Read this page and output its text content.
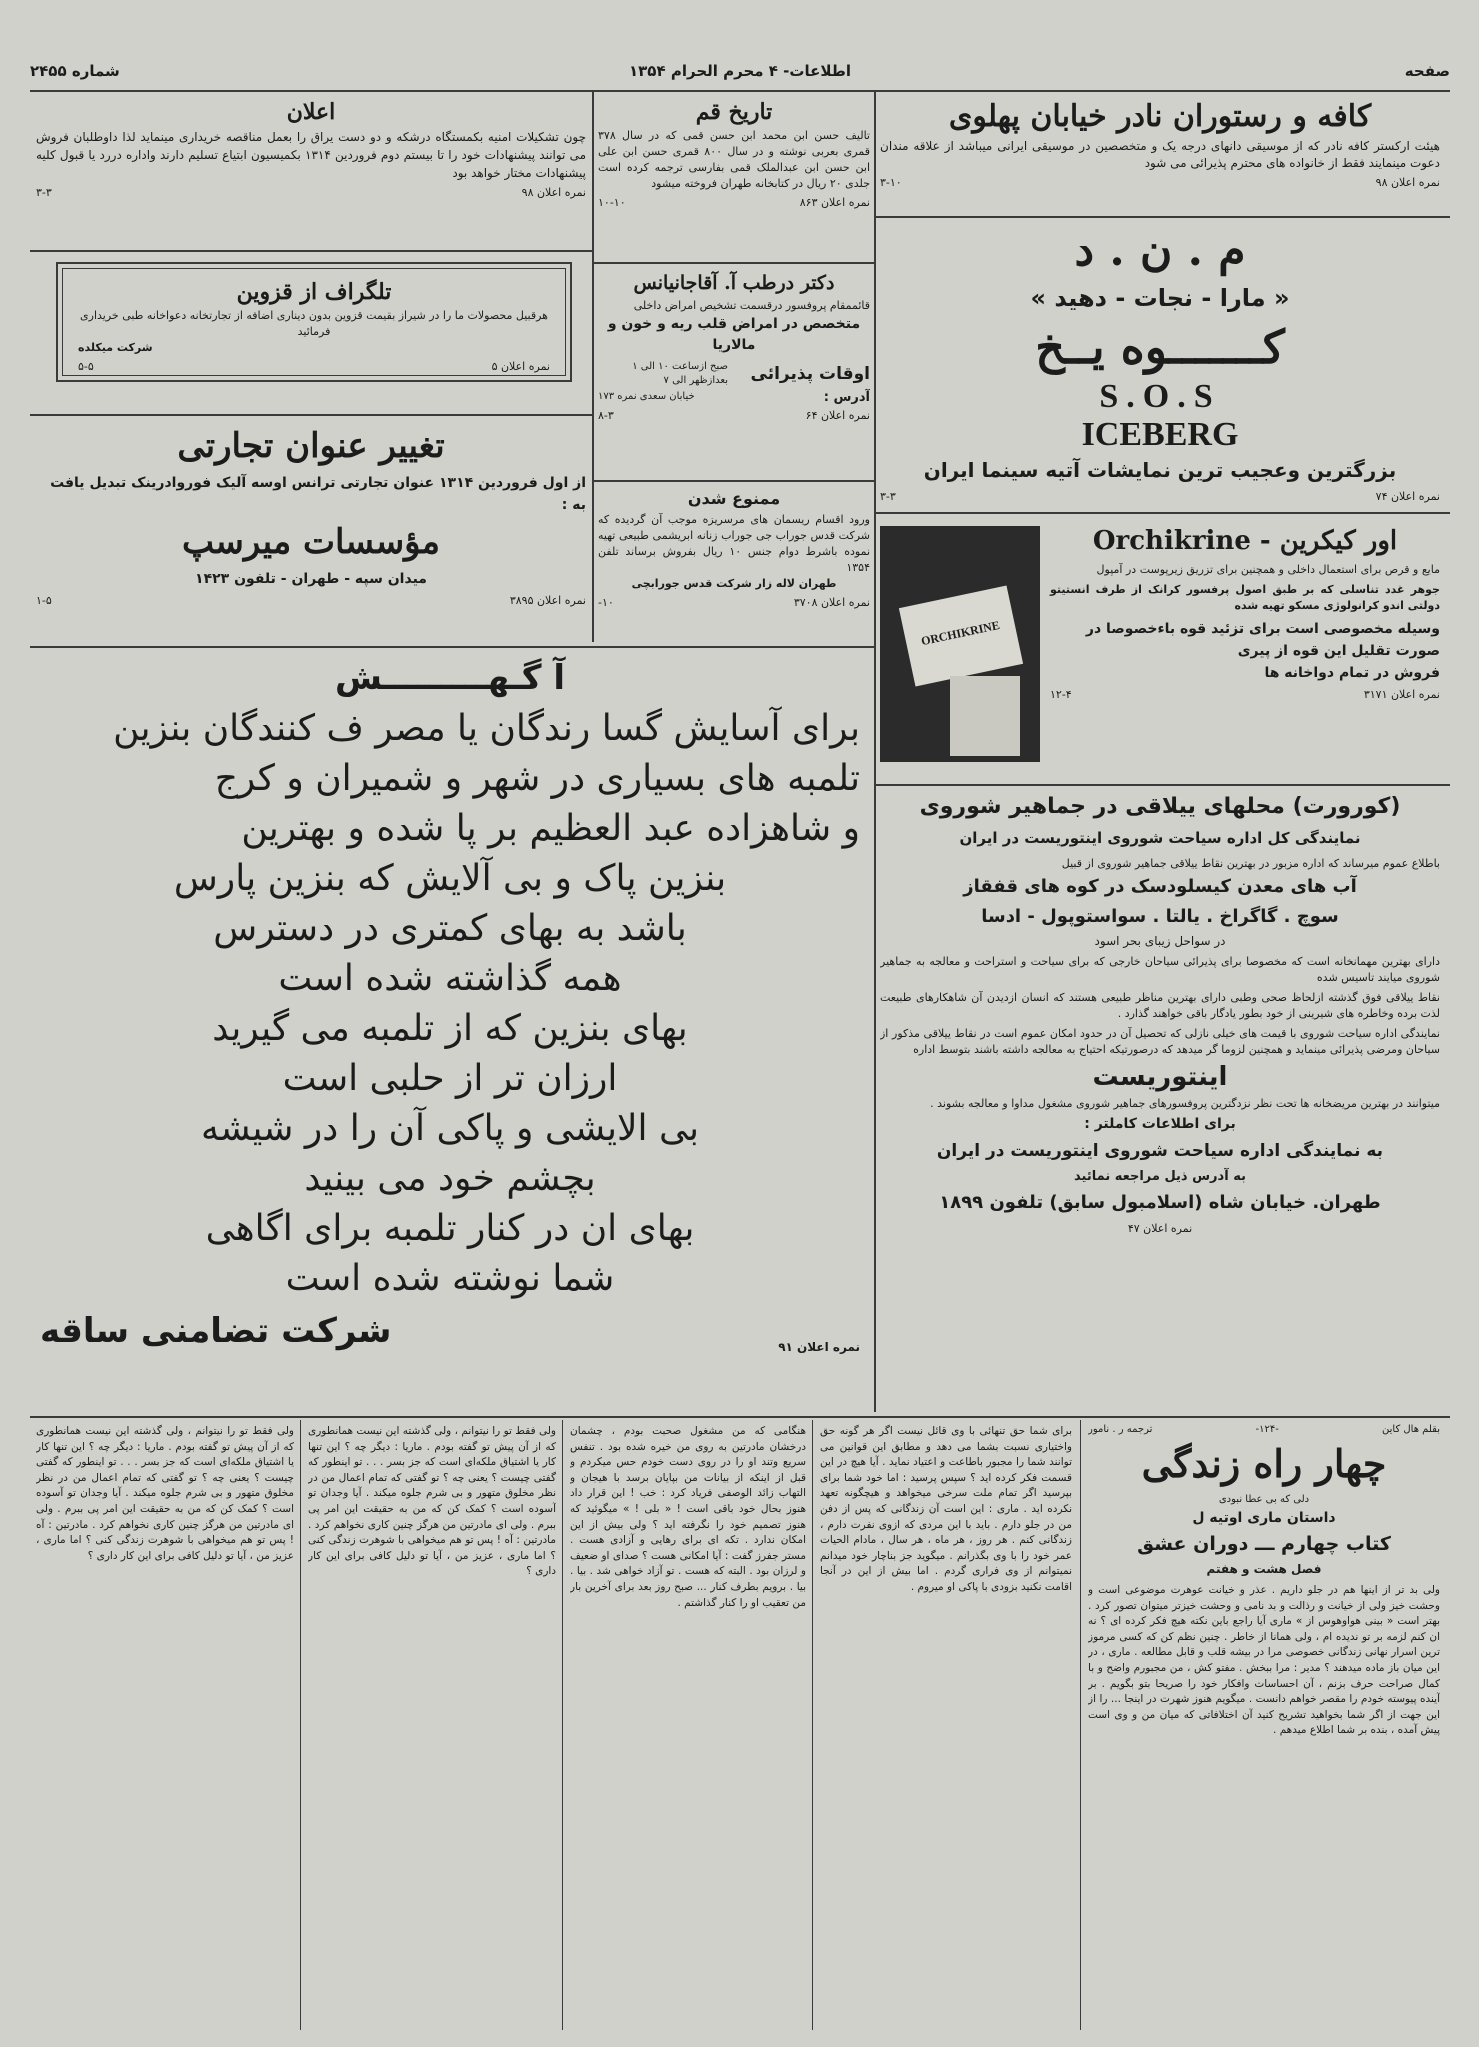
صفحه
اطلاعات- ۴ محرم الحرام ۱۳۵۴
شماره ۲۴۵۵
کافه و رستوران نادر خیابان پهلوی
هیئت ارکستر کافه نادر که از موسیقی دانهای درجه یک و متخصصین در موسیقی ایرانی میباشد از علاقه مندان دعوت مینمایند فقط از خانواده های محترم پذیرائی می شود
نمره اعلان ۹۸
۳-۱۰
م . ن . د
« مارا - نجات - دهید »
کـــــــوه یــخ
S.O.S
ICEBERG
بزرگترین وعجیب ترین نمایشات آتیه سینما ایران
نمره اعلان ۷۴
۳-۳
ORCHIKRINE
اور کیکرین - Orchikrine
مایع و قرص برای استعمال داخلی و همچنین برای تزریق زیرپوست در آمپول
جوهر غدد تناسلی که بر طبق اصول پرفسور کرانک از طرف انستیتو دولتی اندو کرانولوژی مسکو تهیه شده
وسیله مخصوصی است برای تزئید قوه باءخصوصا در صورت تقلیل این قوه از پیری
فروش در تمام دواخانه ها
نمره اعلان ۳۱۷۱
۱۲-۴
(کورورت) محلهای ییلاقی در جماهیر شوروی
نمایندگی کل اداره سیاحت شوروی اینتوریست در ایران
باطلاع عموم میرساند که اداره مزبور در بهترین نقاط ییلاقی جماهیر شوروی از قبیل
آب های معدن کیسلودسک در کوه های قفقاز
سوچ . گاگراخ . یالتا . سواستوپول - ادسا
در سواحل زیبای بحر اسود
دارای بهترین مهمانخانه است که مخصوصا برای پذیرائی سیاحان خارجی که برای سیاحت و استراحت و معالجه به جماهیر شوروی میایند تاسیس شده
نقاط ییلاقی فوق گذشته ازلحاظ صحی وطبی دارای بهترین مناظر طبیعی هستند که انسان ازدیدن آن شاهکارهای طبیعت لذت برده وخاطره های شیرینی از خود بطور یادگار باقی خواهند گذارد .
نمایندگی اداره سیاحت شوروی با قیمت های خیلی نازلی که تحصیل آن در حدود امکان عموم است در نقاط ییلاقی مذکور از سیاحان ومرضی پذیرائی مینماید و همچنین لزوما گر میدهد که درصورتیکه احتیاج به معالجه داشته باشند بتوسط اداره
اینتوریست
میتوانند در بهترین مریضخانه ها تحت نظر نزدگترین پروفسورهای جماهیر شوروی مشغول مداوا و معالجه بشوند .
برای اطلاعات کاملتر :
به نمایندگی اداره سیاحت شوروی اینتوریست در ایران
به آدرس ذیل مراجعه نمائید
طهران. خیابان شاه (اسلامبول سابق) تلفون ۱۸۹۹
نمره اعلان ۴۷
تاریخ قم
تالیف حسن ابن محمد ابن حسن قمی که در سال ۳۷۸ قمری بعربی نوشته و در سال ۸۰۰ قمری حسن ابن علی ابن حسن ابن عبدالملک قمی بفارسی ترجمه کرده است جلدی ۲۰ ریال در کتابخانه طهران فروخته میشود
نمره اعلان ۸۶۳
۱۰-۱۰
دکتر درطب آ. آقاجانیانس
قائممقام پروفسور درقسمت تشخیص امراض داخلی
متخصص در امراض قلب ریه و خون و مالاریا
اوقات پذیرائی
صبح ازساعت ۱۰ الی ۱ بعدازظهر الی ۷
آدرس :
خیابان سعدی نمره ۱۷۳
نمره اعلان ۶۴
۸-۳
ممنوع شدن
ورود اقسام ریسمان های مرسریزه موجب آن گردیده که شرکت قدس جوراب جی جوراب زنانه ابریشمی طبیعی تهیه نموده باشرط دوام جنس ۱۰ ریال بفروش برساند تلفن ۱۳۵۴
طهران لاله زار شرکت قدس جورابچی
نمره اعلان ۳۷۰۸
۱۰-
اعلان
چون تشکیلات امنیه بکمستگاه درشکه و دو دست یراق را بعمل مناقصه خریداری مینماید لذا داوطلبان فروش می توانند پیشنهادات خود را تا بیستم دوم فروردین ۱۳۱۴ بکمیسیون ابتیاع تسلیم دارند واداره دررد یا قبول کلیه پیشنهادات مختار خواهد بود
نمره اعلان ۹۸
۳-۳
تلگراف از قزوین
هرقبیل محصولات ما را در شیراز بقیمت قزوین بدون دیناری اضافه از تجارتخانه دعواخانه طبی خریداری فرمائید
شرکت میکلده
نمره اعلان ۵
۵-۵
تغییر عنوان تجارتی
از اول فروردین ۱۳۱۴ عنوان تجارتی ترانس اوسه آلیک فوروادرینک تبدیل یافت به :
مؤسسات میرسپ
میدان سپه - طهران - تلفون ۱۴۲۳
نمره اعلان ۳۸۹۵
۱-۵
آ گـهـــــــــش
برای آسایش گسا رندگان یا مصر ف کنندگان بنزین
تلمبه های بسیاری در شهر و شمیران و کرج
و شاهزاده عبد العظیم بر پا شده و بهترین
بنزین پاک و بی آلایش که بنزین پارس
باشد به بهای کمتری در دسترس
همه گذاشته شده است
بهای بنزین که از تلمبه می گیرید
ارزان تر از حلبی است
بی الایشی و پاکی آن را در شیشه
بچشم خود می بینید
بهای ان در کنار تلمبه برای اگاهی
شما نوشته شده است
نمره اعلان ۹۱
شرکت تضامنی ساقه
بقلم هال کاین
-۱۲۴-
ترجمه ر . نامور
چهار راه زندگی
دلی که بی عطا نبودی
داستان ماری اوتیه ل
کتاب چهارم ـــ دوران عشق
فصل هشت و هفتم
ولی بد تر از اینها هم در جلو داریم . عذر و خیانت عوهرت موضوعی است و وحشت خیز ولی از خیانت و رذالت و بد نامی و وحشت خیزتر میتوان تصور کرد . بهتر است « بینی هواوهوس از » ماری آیا راجع باین نکته هیچ فکر کرده ای ؟ نه ان کنم لزمه بر تو ندیده ام ، ولی همانا از خاطر . چنین نظم کن که کسی مرموز ترین اسرار نهانی زندگانی خصوصی مرا در بیشه قلب و قابل مطالعه . ماری ، در این میان باز ماده میدهند ؟ مدیر : مرا ببخش . مفتو کش ، من مجبورم واضح و با کمال صراحت حرف بزنم ، آن احساسات وافکار خود را صریحا بتو بگویم . بر آینده پیوسته خودم را مقصر خواهم دانست . میگویم هنوز شهرت در اینجا ... را از این جهت از اگر شما بخواهید تشریح کنید آن اختلافاتی که میان من و وی است پیش آمده ، بنده بر شما اطلاع میدهم .
برای شما حق تنهائی با وی قائل نیست اگر هر گونه حق واختیاری نسبت بشما می دهد و مطابق این قوانین می توانند شما را مجبور باطاعت و اعتیاد نماید . آیا هیچ در این قسمت فکر کرده اید ؟ سپس پرسید : اما خود شما برای بپرسید اگر تمام ملت سرخی میخواهد و هیچگونه تعهد نکرده اید . ماری : این است آن زندگانی که پس از دفن من در جلو دارم . باید با این مردی که ازوی نفرت دارم ، زندگانی کنم . هر روز ، هر ماه ، هر سال ، مادام الحیات عمر خود را با وی بگذرانم . میگوید جز بناچار خود میدانم نمیتوانم از وی فراری گردم . اما بیش از این در آنجا اقامت نکنید بزودی با پاکی او میروم .
هنگامی که من مشغول صحبت بودم ، چشمان درخشان مادرتین به روی من خیره شده بود . تنفس سریع وتند او را در روی دست خودم حس میکردم و قبل از اینکه از بیانات من بپایان برسد با هیجان و التهاب زائد الوصفی فریاد کرد : خب ! این قرار داد هنوز بحال خود باقی است ! « بلی ! » میگوئید که هنوز تصمیم خود را نگرفته اید ؟ ولی بیش از این امکان ندارد . تکه ای برای رهایی و آزادی هست . مستر جفرز گفت : آیا امکانی هست ؟ صدای او ضعیف و لرزان بود . البته که هست . تو آزاد خواهی شد . بیا . بیا . برویم بطرف کنار ... صبح روز بعد برای آخرین بار من تعقیب او را کنار گذاشتم .
ولی فقط تو را نیتوانم ، ولی گذشته این نیست همانطوری که از آن پیش تو گفته بودم . ماریا : دیگر چه ؟ این تنها کار یا اشتیاق ملکه‌ای است که جز بسر . . . تو اینطور که گفتی چیست ؟ یعنی چه ؟ تو گفتی که تمام اعمال من در نظر مخلوق متهور و بی شرم جلوه میکند . آیا وجدان تو آسوده است ؟ کمک کن که من به حقیقت این امر پی ببرم . ولی ای مادرتین من هرگز چنین کاری نخواهم کرد . مادرتین : آه ! پس تو هم میخواهی با شوهرت زندگی کنی ؟ اما ماری ، عزیز من ، آیا تو دلیل کافی برای این کار داری ؟
ولی فقط تو را نیتوانم ، ولی گذشته این نیست همانطوری که از آن پیش تو گفته بودم . ماریا : دیگر چه ؟ این تنها کار یا اشتیاق ملکه‌ای است که جز بسر . . . تو اینطور که گفتی چیست ؟ یعنی چه ؟ تو گفتی که تمام اعمال من در نظر مخلوق متهور و بی شرم جلوه میکند . آیا وجدان تو آسوده است ؟ کمک کن که من به حقیقت این امر پی ببرم . ولی ای مادرتین من هرگز چنین کاری نخواهم کرد . مادرتین : آه ! پس تو هم میخواهی با شوهرت زندگی کنی ؟ اما ماری ، عزیز من ، آیا تو دلیل کافی برای این کار داری ؟
